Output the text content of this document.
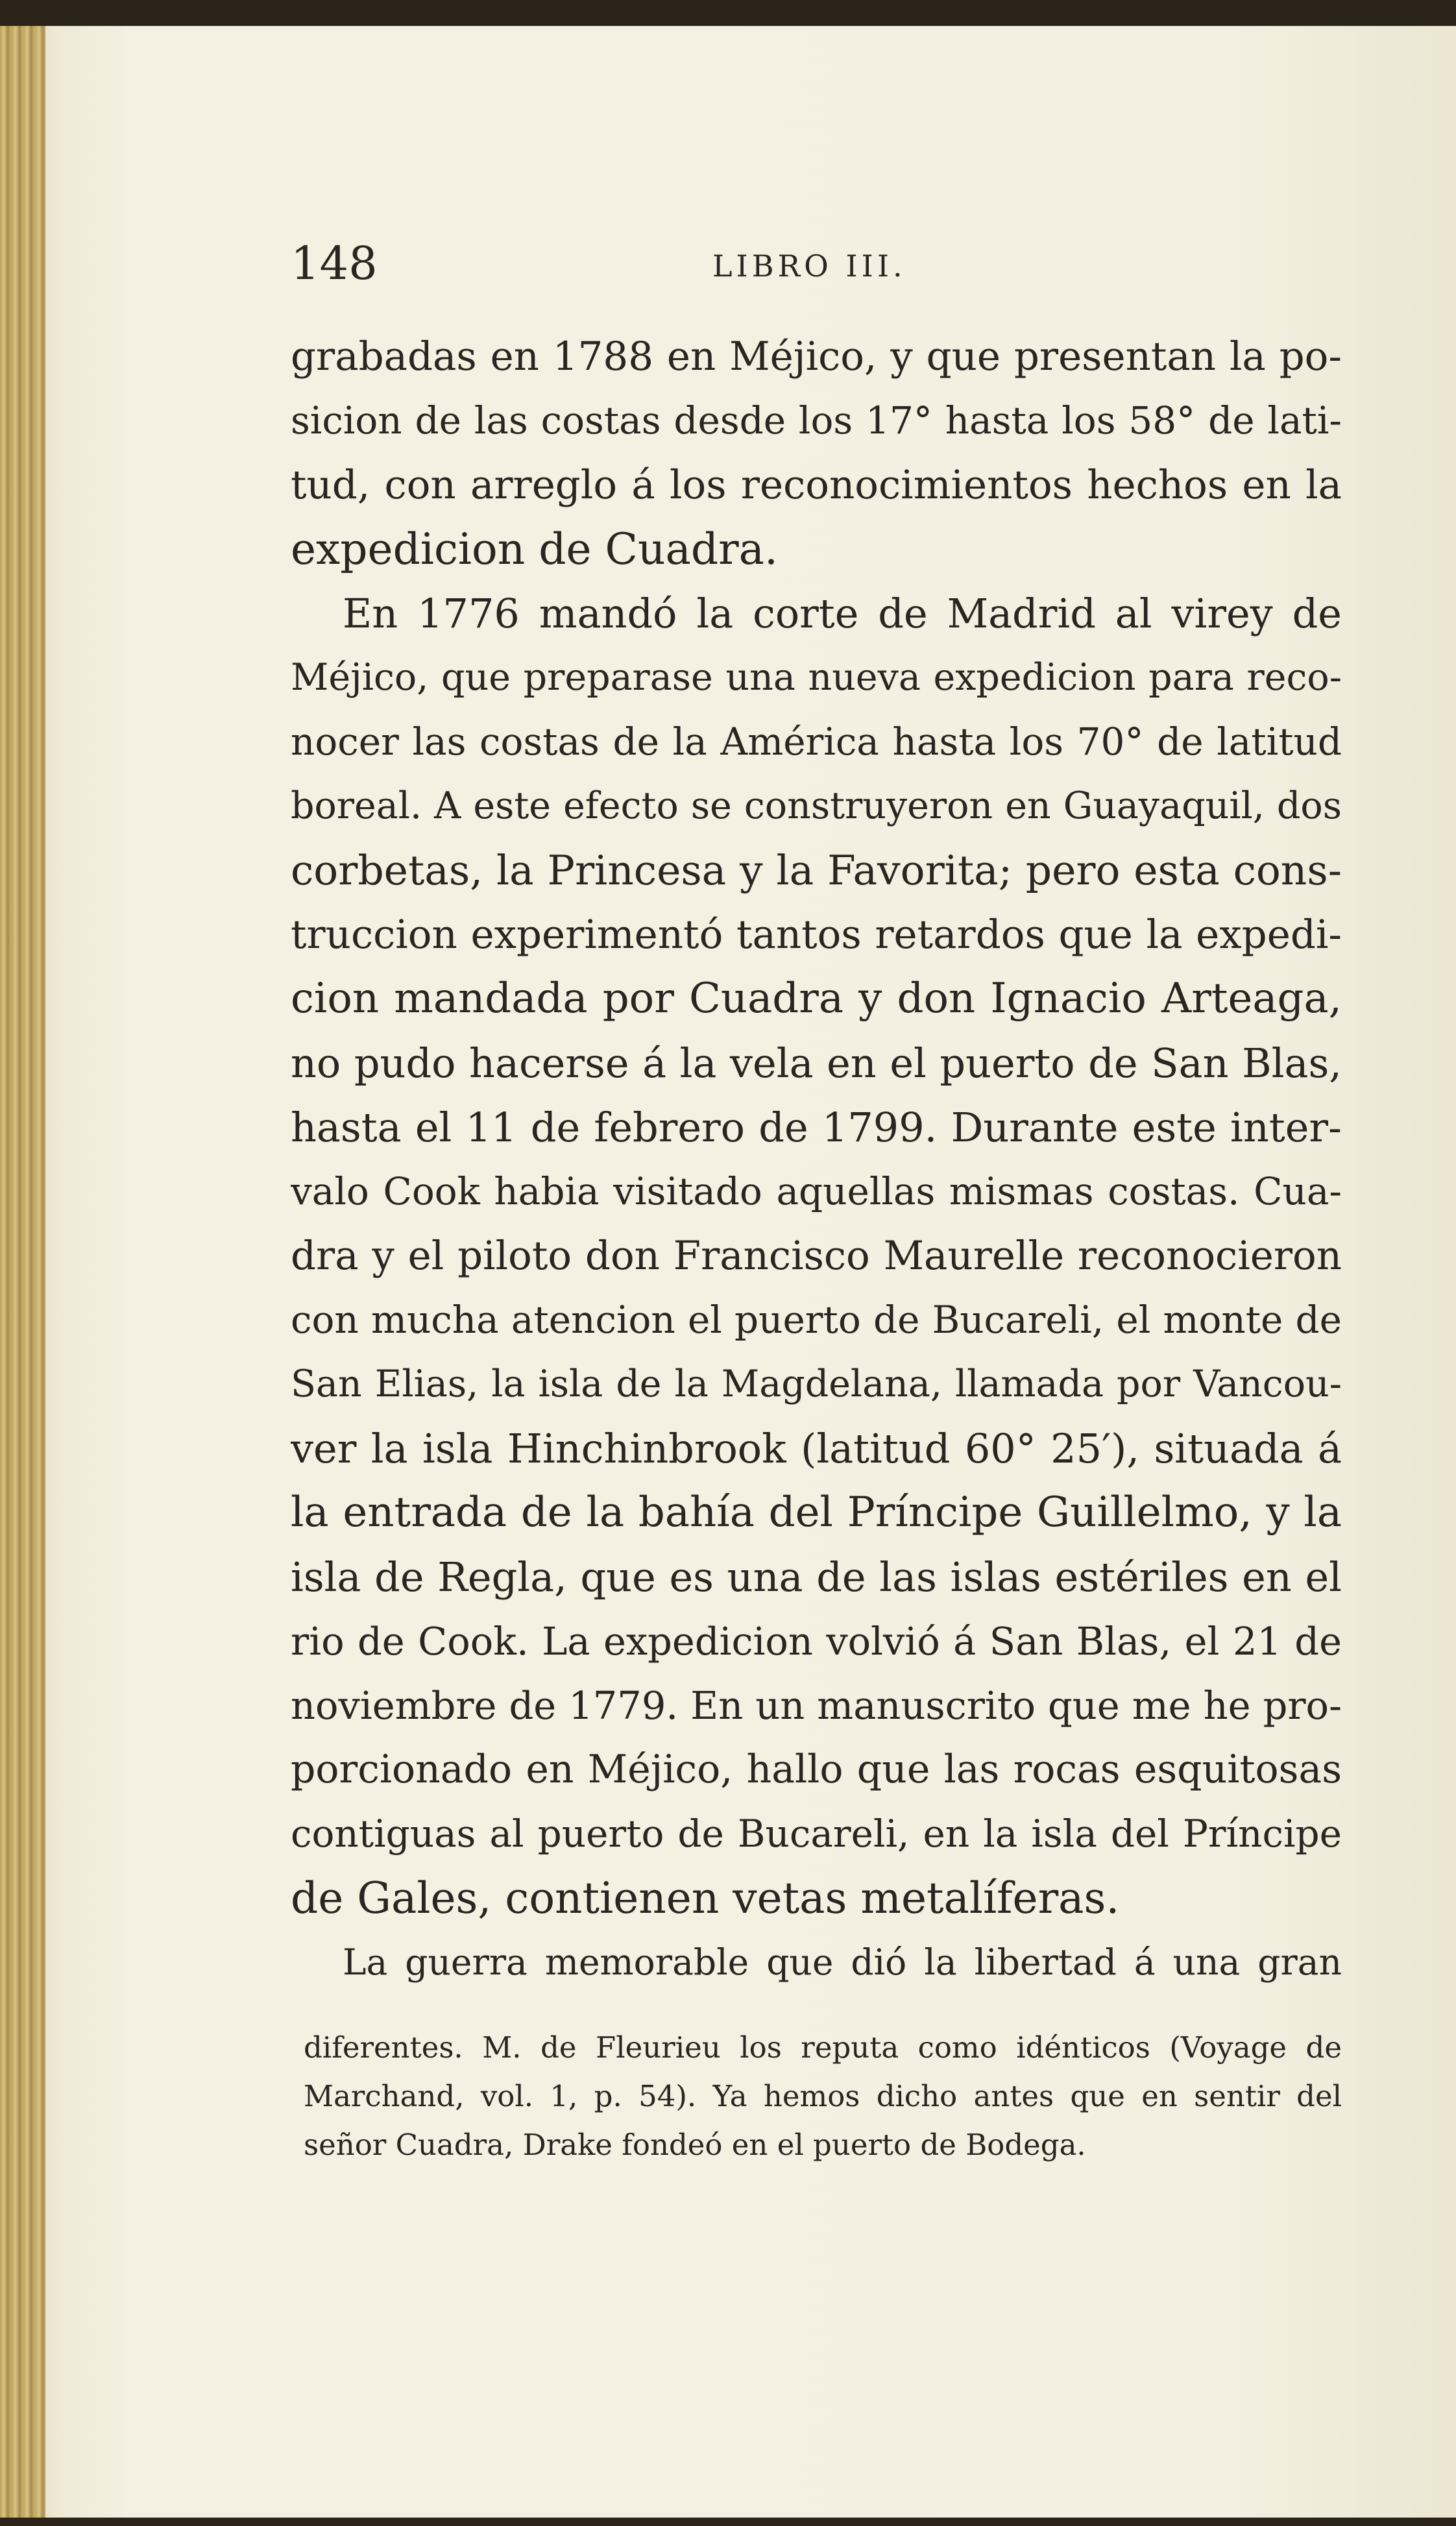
148	LIBRO III.
grabadas en 1788 en Méjico, y que presentan la po-
sicion de las costas desde los 17° hasta los 58° de lati-
tud, con arreglo á los reconocimientos hechos en la
expedicion de Cuadra.
En 1776 mandó la corte de Madrid al virey de
Méjico, que preparase una nueva expedicion para reco-
nocer las costas de la América hasta los 70° de latitud
boreal. A este efecto se construyeron en Guayaquil, dos
corbetas, la Princesa y la Favorita; pero esta cons-
truccion experimentó tantos retardos que la expedi-
cion mandada por Cuadra y don Ignacio Arteaga,
no pudo hacerse á la vela en el puerto de San Blas,
hasta el 11 de febrero de 1799. Durante este inter-
valo Cook habia visitado aquellas mismas costas. Cua-
dra y el piloto don Francisco Maurelle reconocieron
con mucha atencion el puerto de Bucareli, el monte de
San Elias, la isla de la Magdelana, llamada por Vancou-
ver la isla Hinchinbrook (latitud 60° 25′), situada á
la entrada de la bahía del Príncipe Guillelmo, y la
isla de Regla, que es una de las islas estériles en el
rio de Cook. La expedicion volvió á San Blas, el 21 de
noviembre de 1779. En un manuscrito que me he pro-
porcionado en Méjico, hallo que las rocas esquitosas
contiguas al puerto de Bucareli, en la isla del Príncipe
de Gales, contienen vetas metalíferas.
La guerra memorable que dió la libertad á una gran
diferentes. M. de Fleurieu los reputa como idénticos (Voyage de
Marchand, vol. 1, p. 54). Ya hemos dicho antes que en sentir del
señor Cuadra, Drake fondeó en el puerto de Bodega.
